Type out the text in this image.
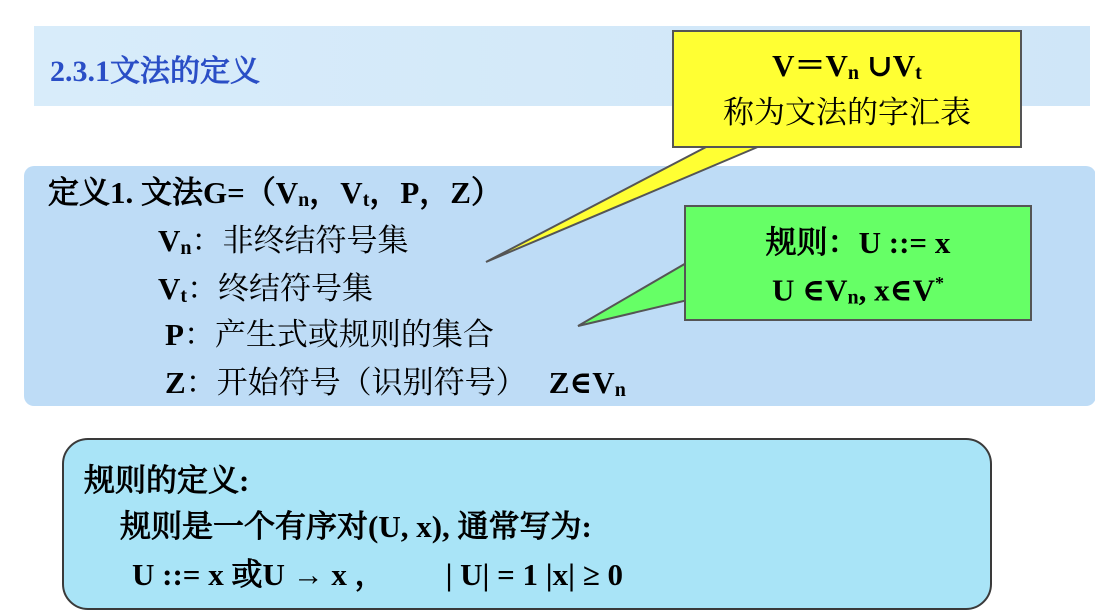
2.3.1文法的定义
定义1. 文法$G=(V_n$，$V_t$，P，Z）
$V_n$：非终结符号集
$V_t$：终结符号集
P：产生式或规则的集合
Z：开始符号（识别符号） $Z\in V_n$
规则的定义:
规则是一个有序对(U, x), 通常写为:
U ::= x 或U → x ， | U| = 1 |x| ≥ 0
$V=V_n$ $\cup V_t$
称为文法的字汇表
规则：U ::= x
U $\in V_n$, x∈V*
